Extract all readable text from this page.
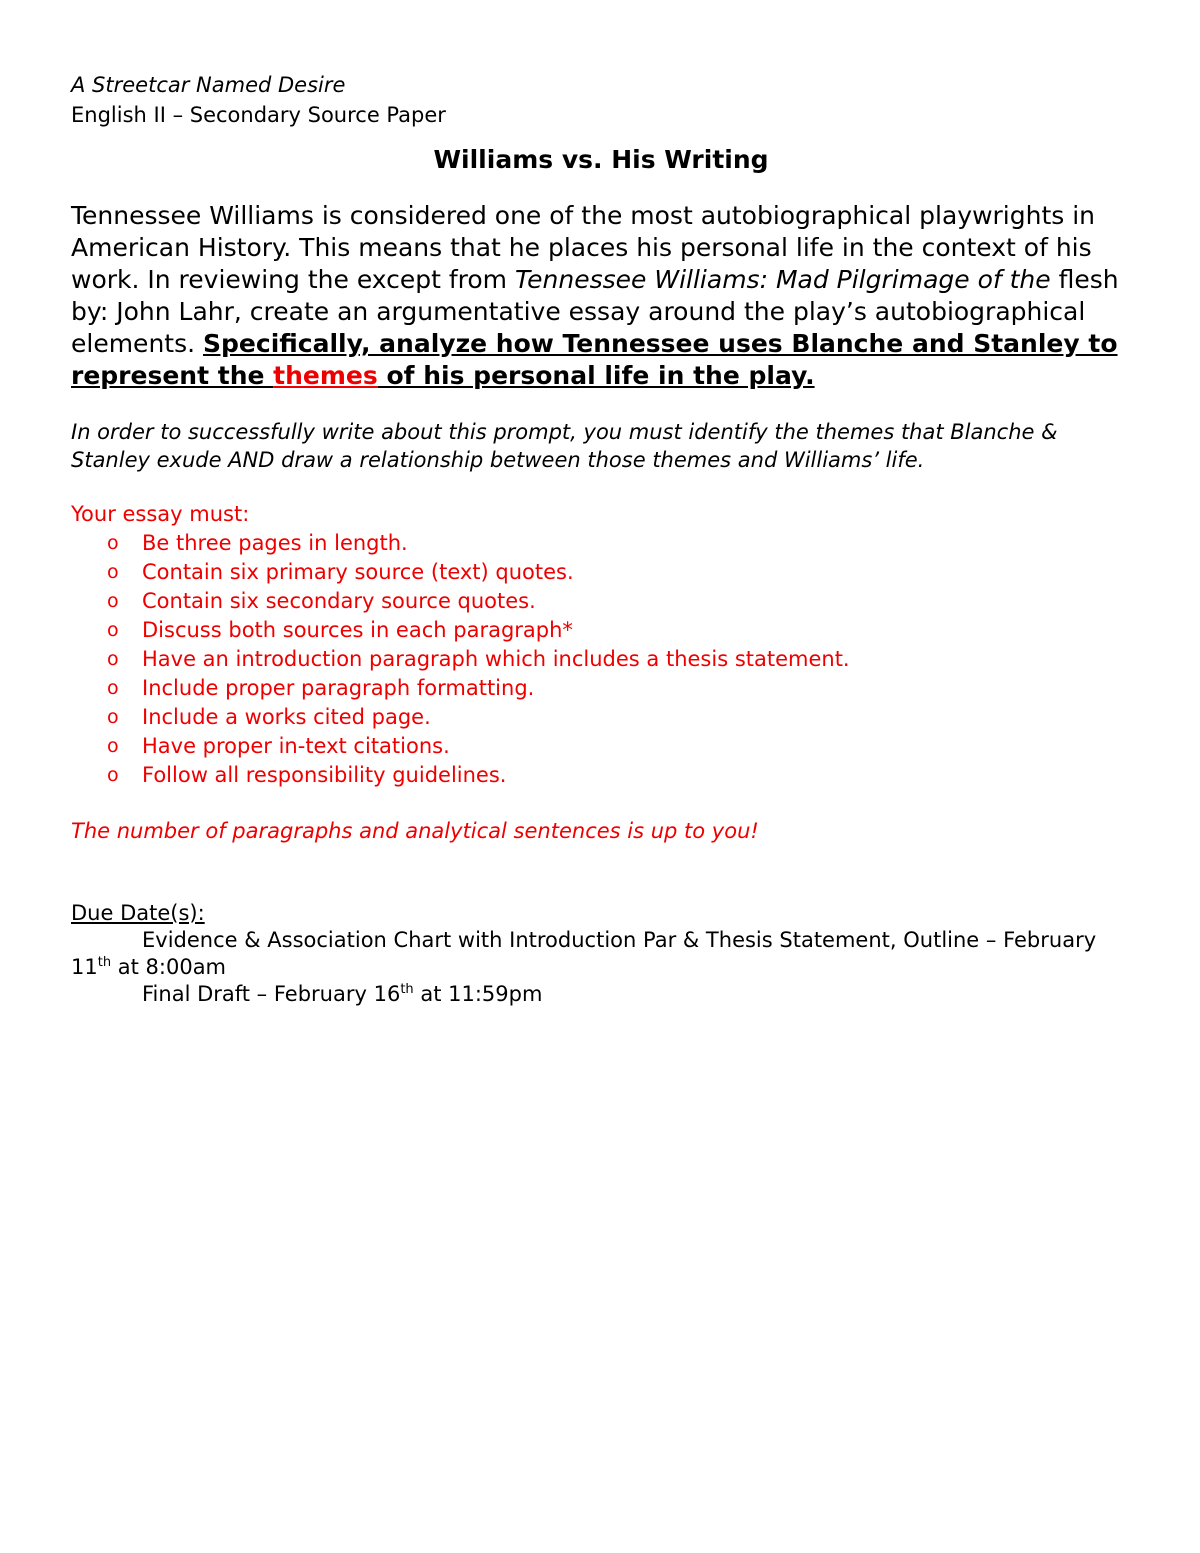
A Streetcar Named Desire

English II – Secondary Source Paper

Williams vs. His Writing

Tennessee Williams is considered one of the most autobiographical playwrights in American History. This means that he places his personal life in the context of his work. In reviewing the except from Tennessee Williams: Mad Pilgrimage of the flesh by: John Lahr, create an argumentative essay around the play’s autobiographical elements. Specifically, analyze how Tennessee uses Blanche and Stanley to represent the themes of his personal life in the play.

In order to successfully write about this prompt, you must identify the themes that Blanche & Stanley exude AND draw a relationship between those themes and Williams’ life.

Your essay must:

o Be three pages in length.
o Contain six primary source (text) quotes.
o Contain six secondary source quotes.
o Discuss both sources in each paragraph*
o Have an introduction paragraph which includes a thesis statement.
o Include proper paragraph formatting.
o Include a works cited page.
o Have proper in-text citations.
o Follow all responsibility guidelines.

The number of paragraphs and analytical sentences is up to you!

Due Date(s):

Evidence & Association Chart with Introduction Par & Thesis Statement, Outline – February 11th at 8:00am

Final Draft – February 16th at 11:59pm
